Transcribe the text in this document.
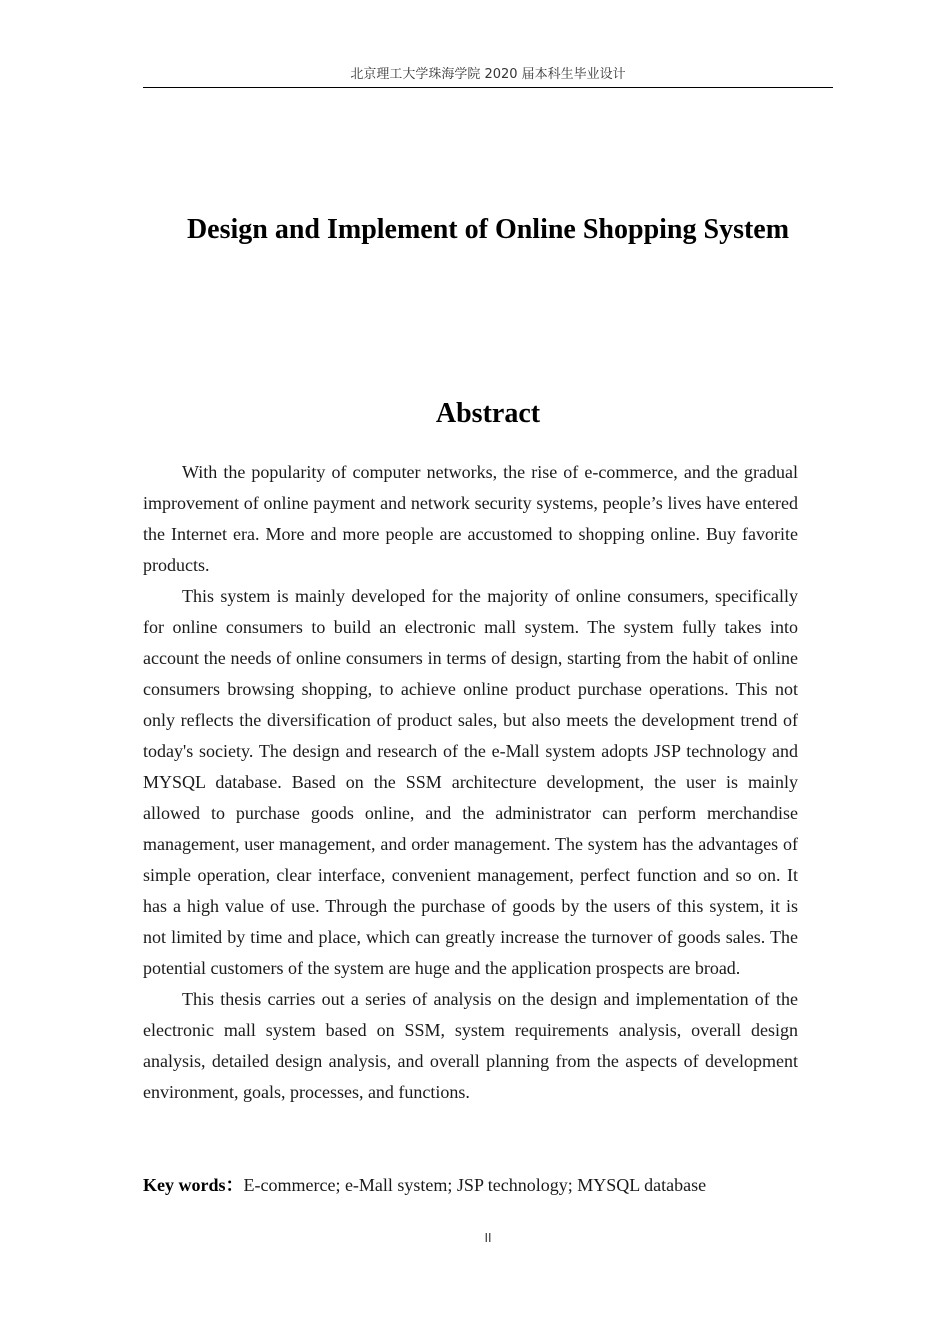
北京理工大学珠海学院 2020 届本科生毕业设计
Design and Implement of Online Shopping System
Abstract

With the popularity of computer networks, the rise of e-commerce, and the gradual improvement of online payment and network security systems, people’s lives have entered the Internet era. More and more people are accustomed to shopping online. Buy favorite products.

This system is mainly developed for the majority of online consumers, specifically for online consumers to build an electronic mall system. The system fully takes into account the needs of online consumers in terms of design, starting from the habit of online consumers browsing shopping, to achieve online product purchase operations. This not only reflects the diversification of product sales, but also meets the development trend of today's society. The design and research of the e-Mall system adopts JSP technology and MYSQL database. Based on the SSM architecture development, the user is mainly allowed to purchase goods online, and the administrator can perform merchandise management, user management, and order management. The system has the advantages of simple operation, clear interface, convenient management, perfect function and so on. It has a high value of use. Through the purchase of goods by the users of this system, it is not limited by time and place, which can greatly increase the turnover of goods sales. The potential customers of the system are huge and the application prospects are broad.

This thesis carries out a series of analysis on the design and implementation of the electronic mall system based on SSM, system requirements analysis, overall design analysis, detailed design analysis, and overall planning from the aspects of development environment, goals, processes, and functions.

Key words：E-commerce; e-Mall system; JSP technology; MYSQL database
II
